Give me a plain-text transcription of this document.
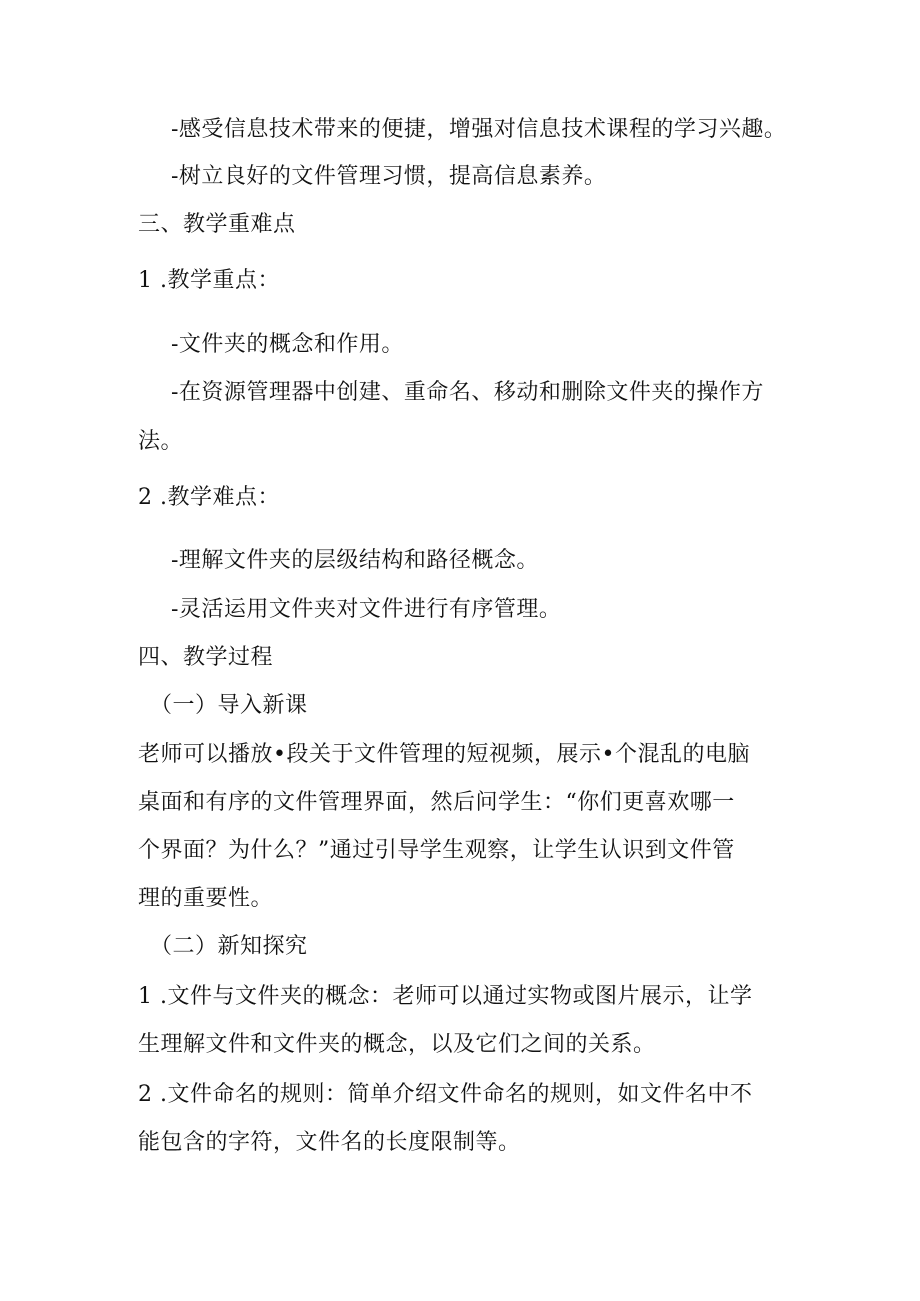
-感受信息技术带来的便捷，增强对信息技术课程的学习兴趣。
-树立良好的文件管理习惯，提高信息素养。
三、教学重难点
1 .教学重点：
-文件夹的概念和作用。
-在资源管理器中创建、重命名、移动和删除文件夹的操作方
法。
2 .教学难点：
-理解文件夹的层级结构和路径概念。
-灵活运用文件夹对文件进行有序管理。
四、教学过程
（一）导入新课
老师可以播放•段关于文件管理的短视频，展示•个混乱的电脑
桌面和有序的文件管理界面，然后问学生：“你们更喜欢哪一
个界面？为什么？”通过引导学生观察，让学生认识到文件管
理的重要性。
（二）新知探究
1 .文件与文件夹的概念：老师可以通过实物或图片展示，让学
生理解文件和文件夹的概念，以及它们之间的关系。
2 .文件命名的规则：简单介绍文件命名的规则，如文件名中不
能包含的字符，文件名的长度限制等。
